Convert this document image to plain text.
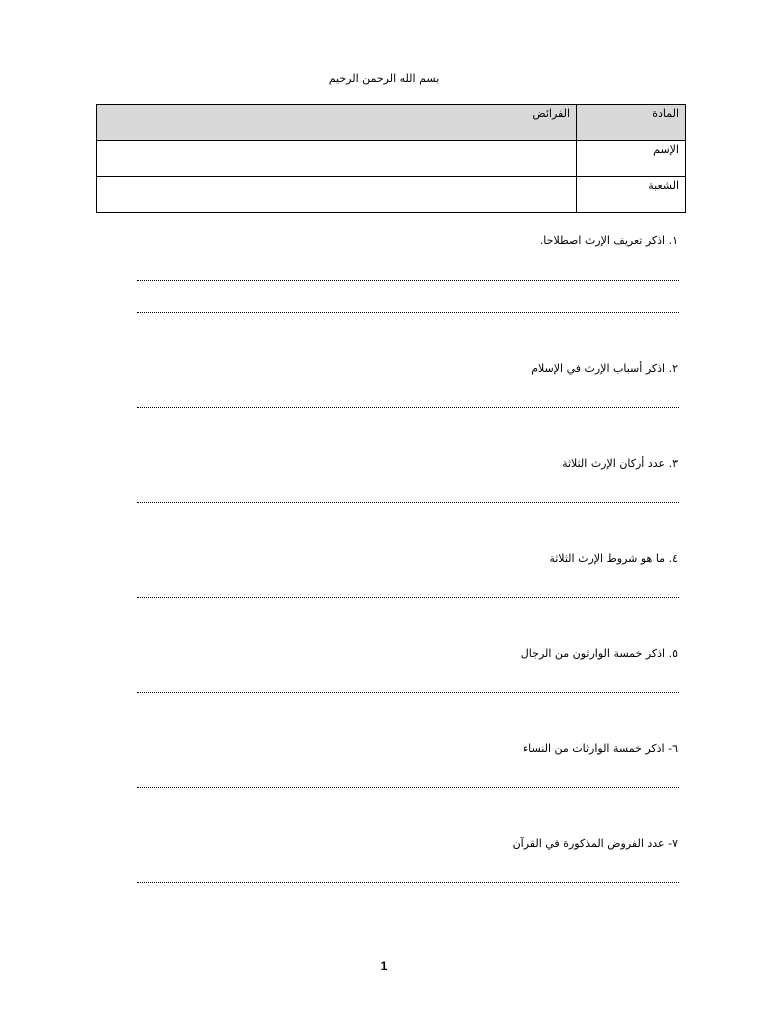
بسم الله الرحمن الرحيم
المادة	الفرائض
الإسم	
الشعبة	
١. اذكر تعريف الإرث اصطلاحا.
٢. اذكر أسباب الإرث في الإسلام
٣. عدد أركان الإرث الثلاثة
٤. ما هو شروط الإرث الثلاثة
٥. اذكر خمسة الوارثون من الرجال
٦- اذكر خمسة الوارثات من النساء
٧- عدد الفروض المذكورة في القرآن
1
